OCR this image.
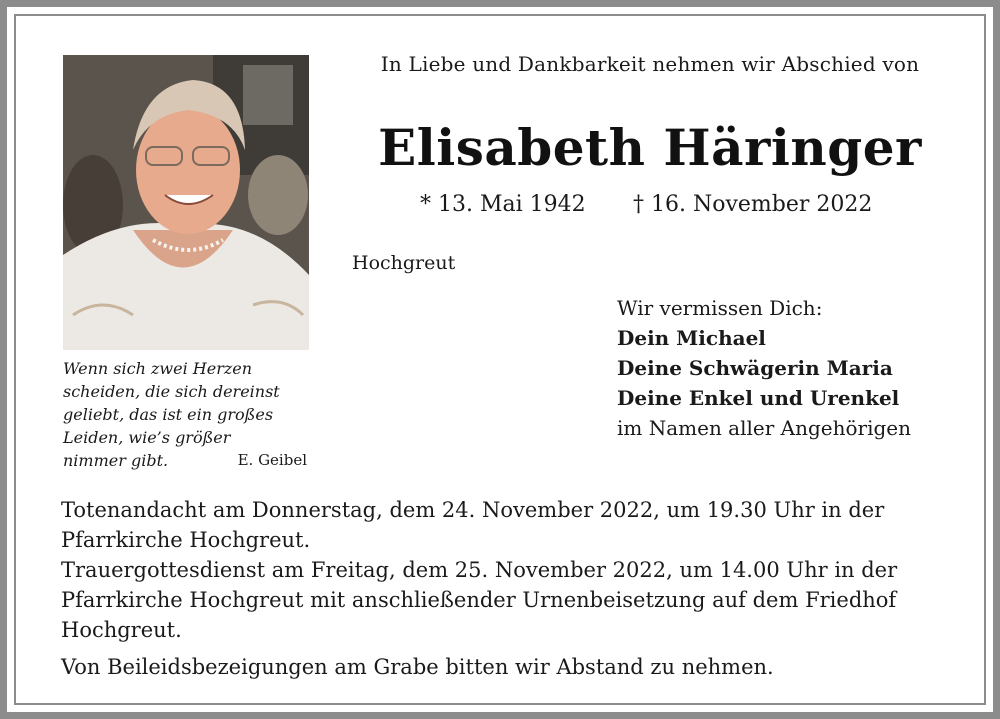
In Liebe und Dankbarkeit nehmen wir Abschied von
Elisabeth Häringer
* 13. Mai 1942 † 16. November 2022
Hochgreut
Wir vermissen Dich:
Dein Michael
Deine Schwägerin Maria
Deine Enkel und Urenkel
im Namen aller Angehörigen
Wenn sich zwei Herzen
scheiden, die sich dereinst
geliebt, das ist ein großes
Leiden, wie’s größer
nimmer gibt.	E. Geibel
Totenandacht am Donnerstag, dem 24. November 2022, um 19.30 Uhr in der
Pfarrkirche Hochgreut.
Trauergottesdienst am Freitag, dem 25. November 2022, um 14.00 Uhr in der
Pfarrkirche Hochgreut mit anschließender Urnenbeisetzung auf dem Friedhof
Hochgreut.
Von Beileidsbezeigungen am Grabe bitten wir Abstand zu nehmen.
